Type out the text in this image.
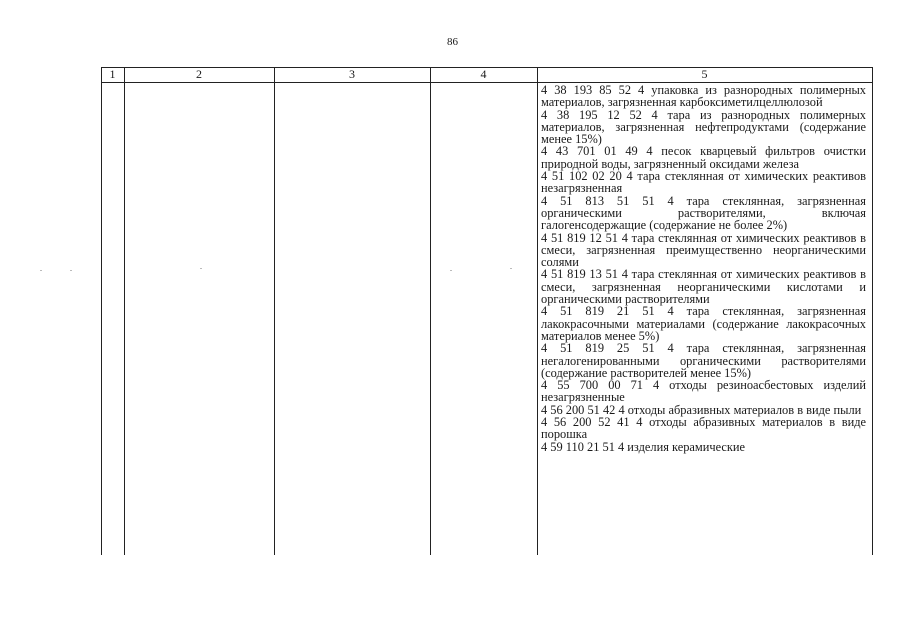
86
1	2	3	4	5

4 38 193 85 52 4 упаковка из разнородных полимерных материалов, загрязненная карбоксиметилцеллюлозой

4 38 195 12 52 4 тара из разнородных полимерных материалов, загрязненная нефтепродуктами (содержание менее 15%)

4 43 701 01 49 4 песок кварцевый фильтров очистки природной воды, загрязненный оксидами железа

4 51 102 02 20 4 тара стеклянная от химических реактивов незагрязненная

4 51 813 51 51 4 тара стеклянная, загрязненная органическими растворителями, включая галогенсодержащие (содержание не более 2%)

4 51 819 12 51 4 тара стеклянная от химических реактивов в смеси, загрязненная преимущественно неорганическими солями

4 51 819 13 51 4 тара стеклянная от химических реактивов в смеси, загрязненная неорганическими кислотами и органическими растворителями

4 51 819 21 51 4 тара стеклянная, загрязненная лакокрасочными материалами (содержание лакокрасочных материалов менее 5%)

4 51 819 25 51 4 тара стеклянная, загрязненная негалогенированными органическими растворителями (содержание растворителей менее 15%)

4 55 700 00 71 4 отходы резиноасбестовых изделий незагрязненные

4 56 200 51 42 4 отходы абразивных материалов в виде пыли

4 56 200 52 41 4 отходы абразивных материалов в виде порошка

4 59 110 21 51 4 изделия керамические
